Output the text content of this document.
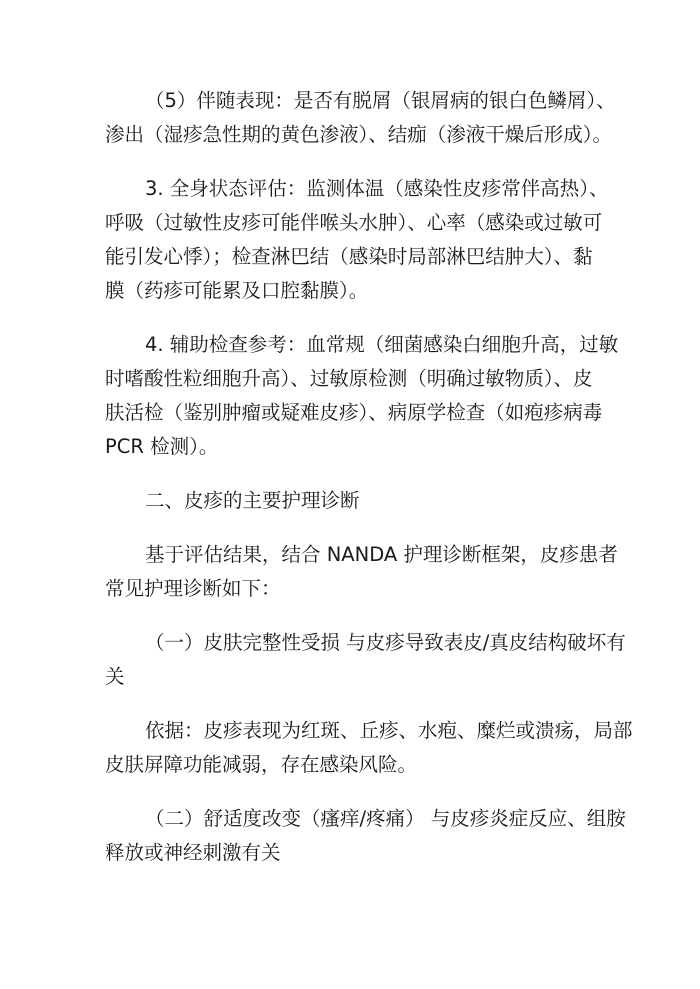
（5）伴随表现：是否有脱屑（银屑病的银白色鳞屑）、
渗出（湿疹急性期的黄色渗液）、结痂（渗液干燥后形成）。

3. 全身状态评估：监测体温（感染性皮疹常伴高热）、
呼吸（过敏性皮疹可能伴喉头水肿）、心率（感染或过敏可
能引发心悸）；检查淋巴结（感染时局部淋巴结肿大）、黏
膜（药疹可能累及口腔黏膜）。

4. 辅助检查参考：血常规（细菌感染白细胞升高，过敏
时嗜酸性粒细胞升高）、过敏原检测（明确过敏物质）、皮
肤活检（鉴别肿瘤或疑难皮疹）、病原学检查（如疱疹病毒
PCR 检测）。

二、皮疹的主要护理诊断

基于评估结果，结合 NANDA 护理诊断框架，皮疹患者
常见护理诊断如下：

（一）皮肤完整性受损 与皮疹导致表皮/真皮结构破坏有
关

依据：皮疹表现为红斑、丘疹、水疱、糜烂或溃疡，局部
皮肤屏障功能减弱，存在感染风险。

（二）舒适度改变（瘙痒/疼痛） 与皮疹炎症反应、组胺
释放或神经刺激有关
